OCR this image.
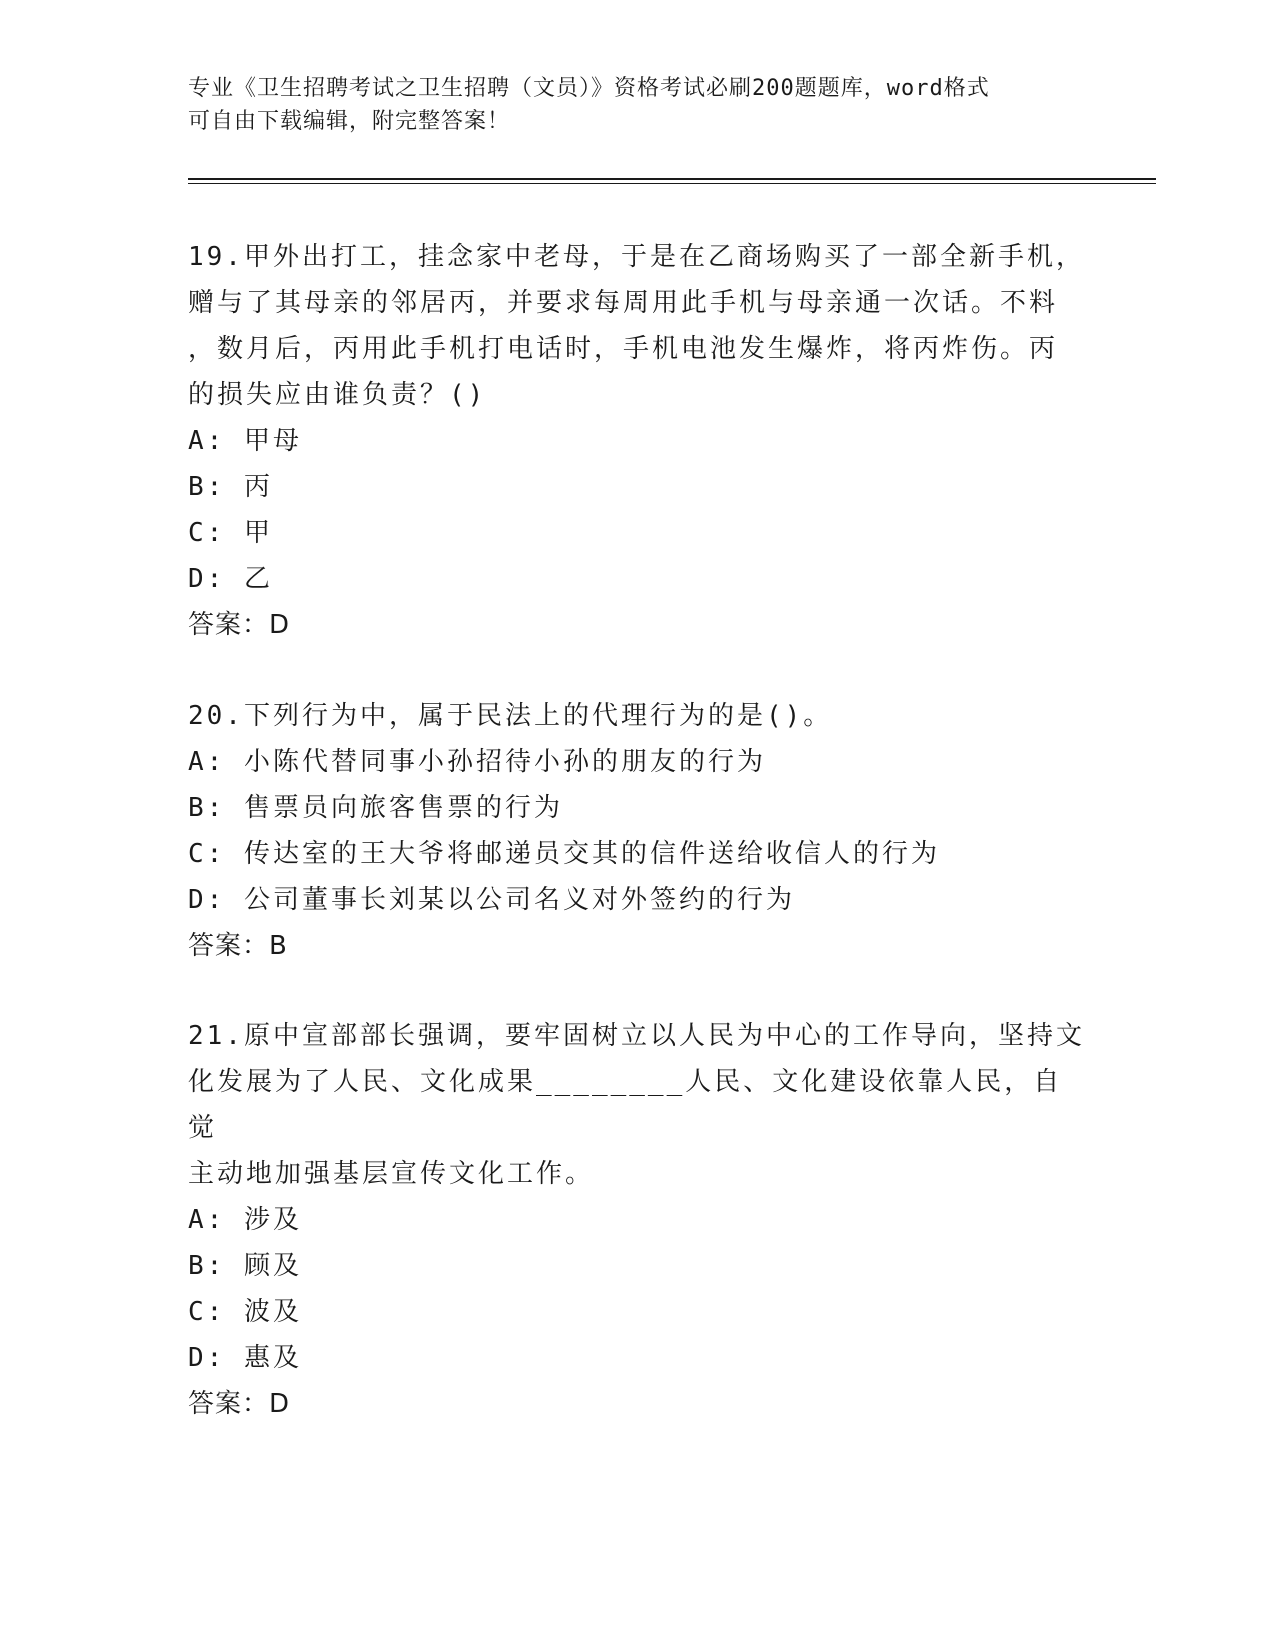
专业《卫生招聘考试之卫生招聘（文员）》资格考试必刷200题题库，word格式
可自由下载编辑，附完整答案！

19.甲外出打工，挂念家中老母，于是在乙商场购买了一部全新手机，

赠与了其母亲的邻居丙，并要求每周用此手机与母亲通一次话。不料

，数月后，丙用此手机打电话时，手机电池发生爆炸，将丙炸伤。丙

的损失应由谁负责？()

A: 甲母

B: 丙

C: 甲

D: 乙

答案：D

20.下列行为中，属于民法上的代理行为的是()。

A: 小陈代替同事小孙招待小孙的朋友的行为

B: 售票员向旅客售票的行为

C: 传达室的王大爷将邮递员交其的信件送给收信人的行为

D: 公司董事长刘某以公司名义对外签约的行为

答案：B

21.原中宣部部长强调，要牢固树立以人民为中心的工作导向，坚持文

化发展为了人民、文化成果________人民、文化建设依靠人民，自觉

主动地加强基层宣传文化工作。

A: 涉及

B: 顾及

C: 波及

D: 惠及

答案：D
